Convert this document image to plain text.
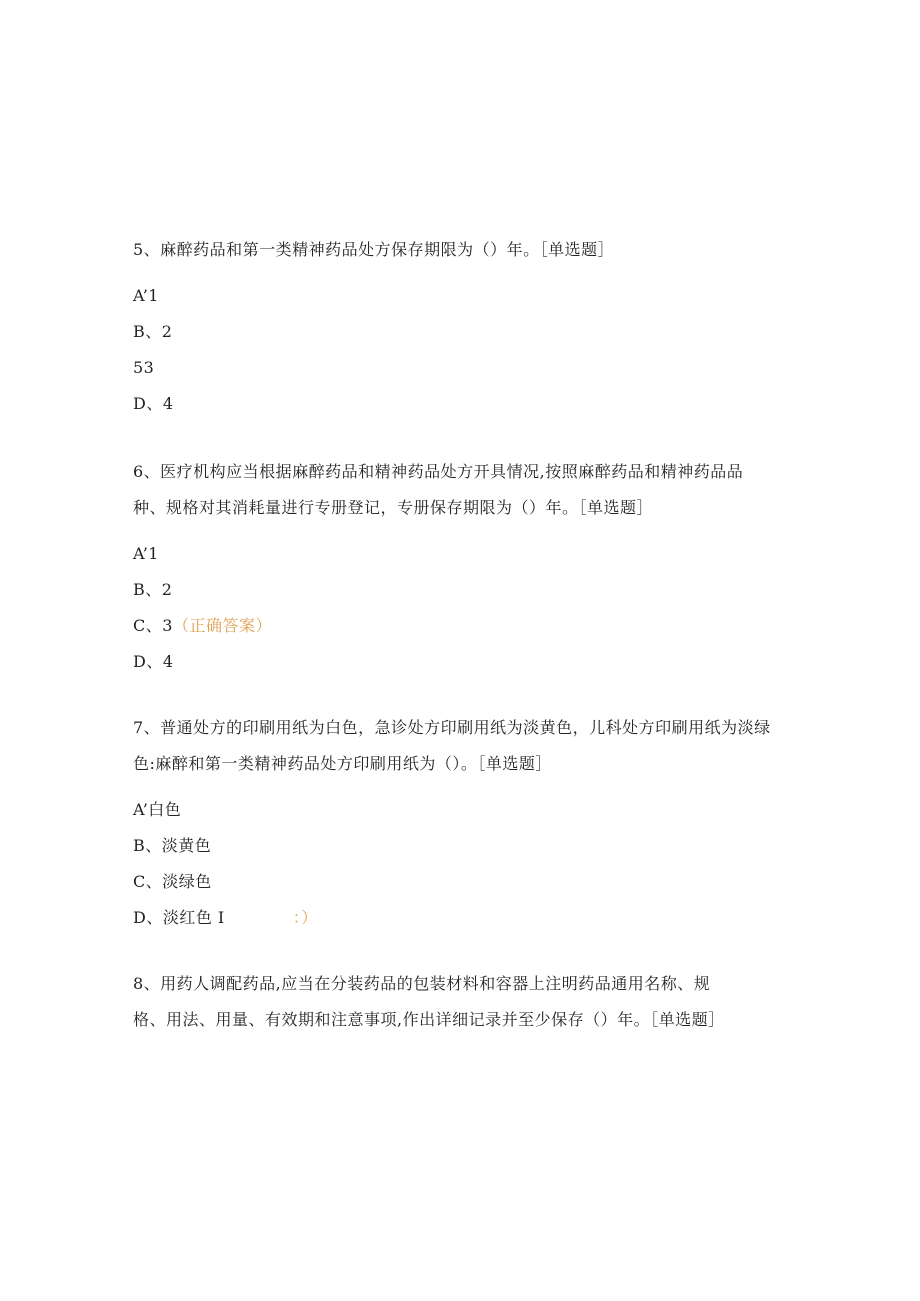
5、麻醉药品和第一类精神药品处方保存期限为（）年。［单选题］
A’1
B、2
53
D、4
6、医疗机构应当根据麻醉药品和精神药品处方开具情况,按照麻醉药品和精神药品品
种、规格对其消耗量进行专册登记，专册保存期限为（）年。［单选题］
A’1
B、2
C、3（正确答案）
D、4
7、普通处方的印刷用纸为白色，急诊处方印刷用纸为淡黄色，儿科处方印刷用纸为淡绿
色:麻醉和第一类精神药品处方印刷用纸为（）。［单选题］
A’白色
B、淡黄色
C、淡绿色
D、淡红色 I	：）
8、用药人调配药品,应当在分装药品的包装材料和容器上注明药品通用名称、规
格、用法、用量、有效期和注意事项,作出详细记录并至少保存（）年。［单选题］
